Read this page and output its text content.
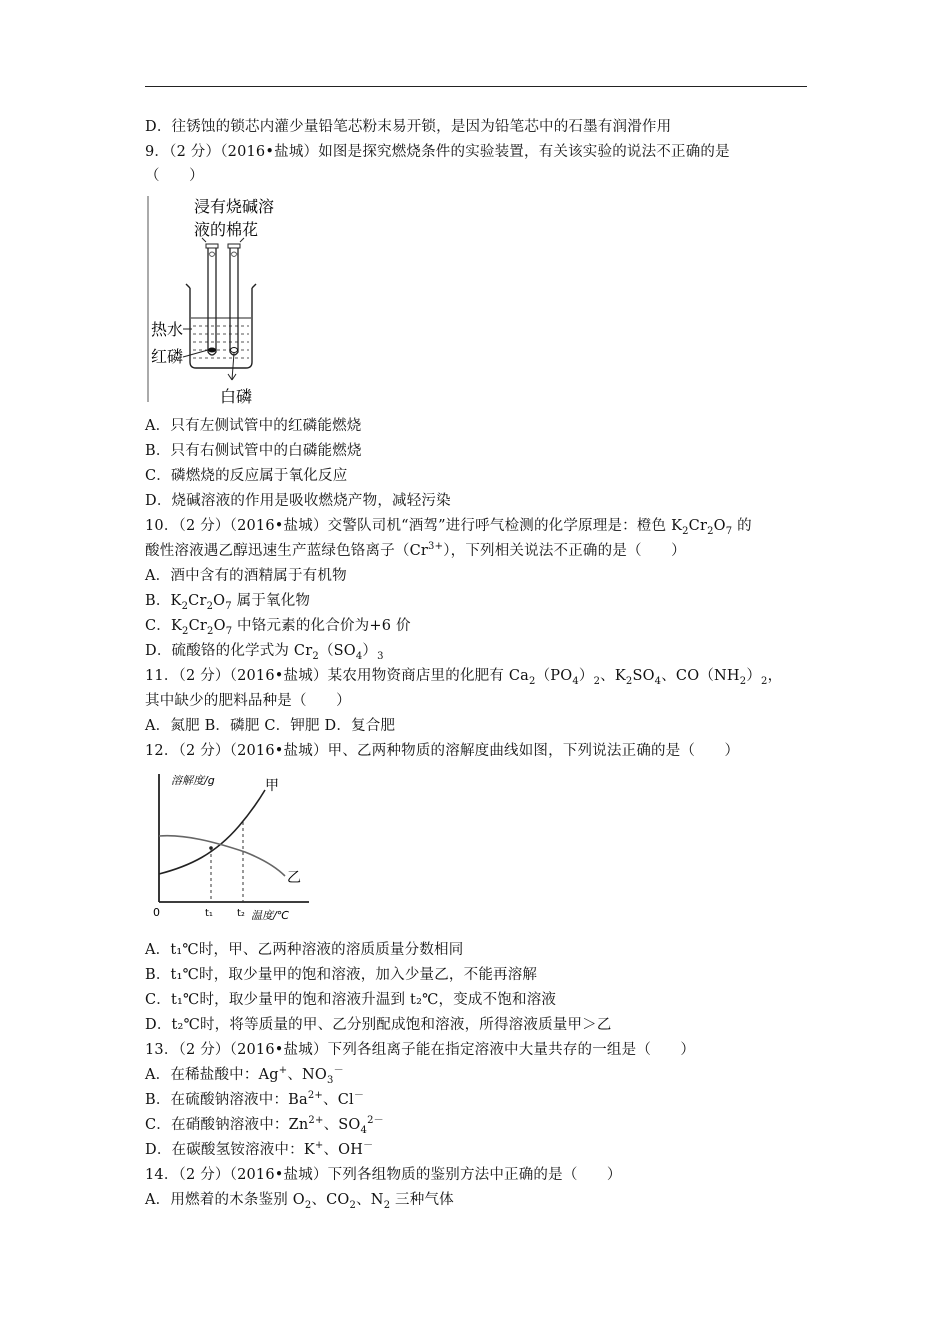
D．往锈蚀的锁芯内灌少量铅笔芯粉末易开锁，是因为铅笔芯中的石墨有润滑作用
9．（2 分）（2016•盐城）如图是探究燃烧条件的实验装置，有关该实验的说法不正确的是
（　　）
浸有烧碱溶
液的棉花
热水
红磷
白磷
A．只有左侧试管中的红磷能燃烧
B．只有右侧试管中的白磷能燃烧
C．磷燃烧的反应属于氧化反应
D．烧碱溶液的作用是吸收燃烧产物，减轻污染
10．（2 分）（2016•盐城）交警队司机“酒驾”进行呼气检测的化学原理是：橙色 $K_2Cr_2O_7$ 的
酸性溶液遇乙醇迅速生产蓝绿色铬离子$(Cr^{3+})$，下列相关说法不正确的是（　　）
A．酒中含有的酒精属于有机物
B．$K_2Cr_2O_7$ 属于氧化物
C．$K_2Cr_2O_7$ 中铬元素的化合价为+6 价
D．硫酸铬的化学式为 $Cr_2(SO_4)_3$
11．（2 分）（2016•盐城）某农用物资商店里的化肥有 $Ca_2(PO_4)_2$、$K_2SO_4$、$CO(NH_2)_2$，
其中缺少的肥料品种是（　　）
A．氮肥 B．磷肥 C．钾肥 D．复合肥
12．（2 分）（2016•盐城）甲、乙两种物质的溶解度曲线如图，下列说法正确的是（　　）
溶解度/g
0	温度/℃
甲
乙
t₁ t₂
A．t₁℃时，甲、乙两种溶液的溶质质量分数相同
B．t₁℃时，取少量甲的饱和溶液，加入少量乙，不能再溶解
C．t₁℃时，取少量甲的饱和溶液升温到 t₂℃，变成不饱和溶液
D．t₂℃时，将等质量的甲、乙分别配成饱和溶液，所得溶液质量甲＞乙
13．（2 分）（2016•盐城）下列各组离子能在指定溶液中大量共存的一组是（　　）
A．在稀盐酸中：Ag+、$NO_3^-$
B．在硫酸钠溶液中：$Ba^{2+}$、Cl－
C．在硝酸钠溶液中：$Zn^{2+}$、$SO_4^{2-}$
D．在碳酸氢铵溶液中：K+、OH－
14．（2 分）（2016•盐城）下列各组物质的鉴别方法中正确的是（　　）
A．用燃着的木条鉴别 $O_2$、$CO_2$、$N_2$ 三种气体
